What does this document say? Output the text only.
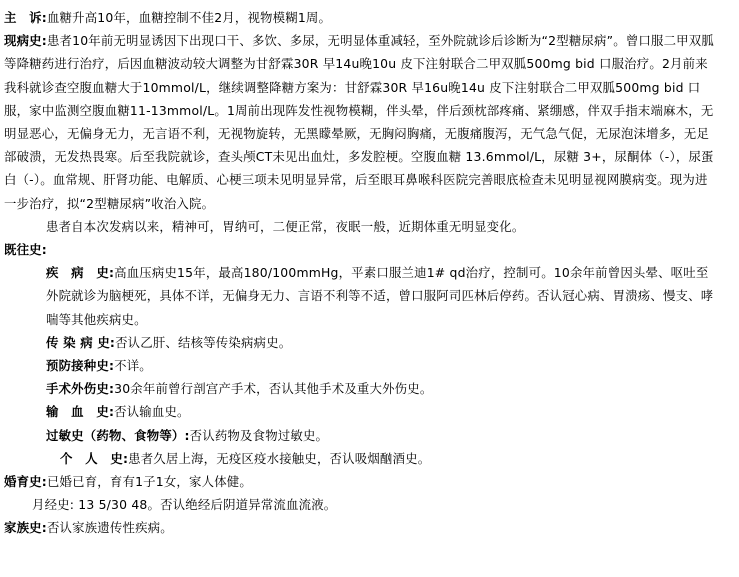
主　诉:血糖升高10年，血糖控制不佳2月，视物模糊1周。

现病史:患者10年前无明显诱因下出现口干、多饮、多尿，无明显体重减轻，至外院就诊后诊断为“2型糖尿病”。曾口服二甲双胍等降糖药进行治疗，后因血糖波动较大调整为甘舒霖30R 早14u晚10u 皮下注射联合二甲双胍500mg bid 口服治疗。2月前来我科就诊查空腹血糖大于10mmol/L，继续调整降糖方案为：甘舒霖30R 早16u晚14u 皮下注射联合二甲双胍500mg bid 口服，家中监测空腹血糖11-13mmol/L。1周前出现阵发性视物模糊，伴头晕，伴后颈枕部疼痛、紧绷感，伴双手指末端麻木，无明显恶心，无偏身无力，无言语不利，无视物旋转，无黑矇晕厥，无胸闷胸痛，无腹痛腹泻，无气急气促，无尿泡沫增多，无足部破溃，无发热畏寒。后至我院就诊，查头颅CT未见出血灶，多发腔梗。空腹血糖 13.6mmol/L，尿糖 3+，尿酮体（-），尿蛋白（-）。血常规、肝肾功能、电解质、心梗三项未见明显异常，后至眼耳鼻喉科医院完善眼底检查未见明显视网膜病变。现为进一步治疗，拟“2型糖尿病”收治入院。

患者自本次发病以来，精神可，胃纳可，二便正常，夜眠一般，近期体重无明显变化。

既往史:

疾　病　史:高血压病史15年，最高180/100mmHg，平素口服兰迪1# qd治疗，控制可。10余年前曾因头晕、呕吐至外院就诊为脑梗死，具体不详，无偏身无力、言语不利等不适，曾口服阿司匹林后停药。否认冠心病、胃溃疡、慢支、哮喘等其他疾病史。

传 染 病 史:否认乙肝、结核等传染病病史。

预防接种史:不详。

手术外伤史:30余年前曾行剖宫产手术，否认其他手术及重大外伤史。

输　血　史:否认输血史。

过敏史（药物、食物等）:否认药物及食物过敏史。

个　人　史:患者久居上海，无疫区疫水接触史，否认吸烟酗酒史。

婚育史:已婚已育，育有1子1女，家人体健。

月经史: 13 5/30 48。否认绝经后阴道异常流血流液。

家族史:否认家族遗传性疾病。
